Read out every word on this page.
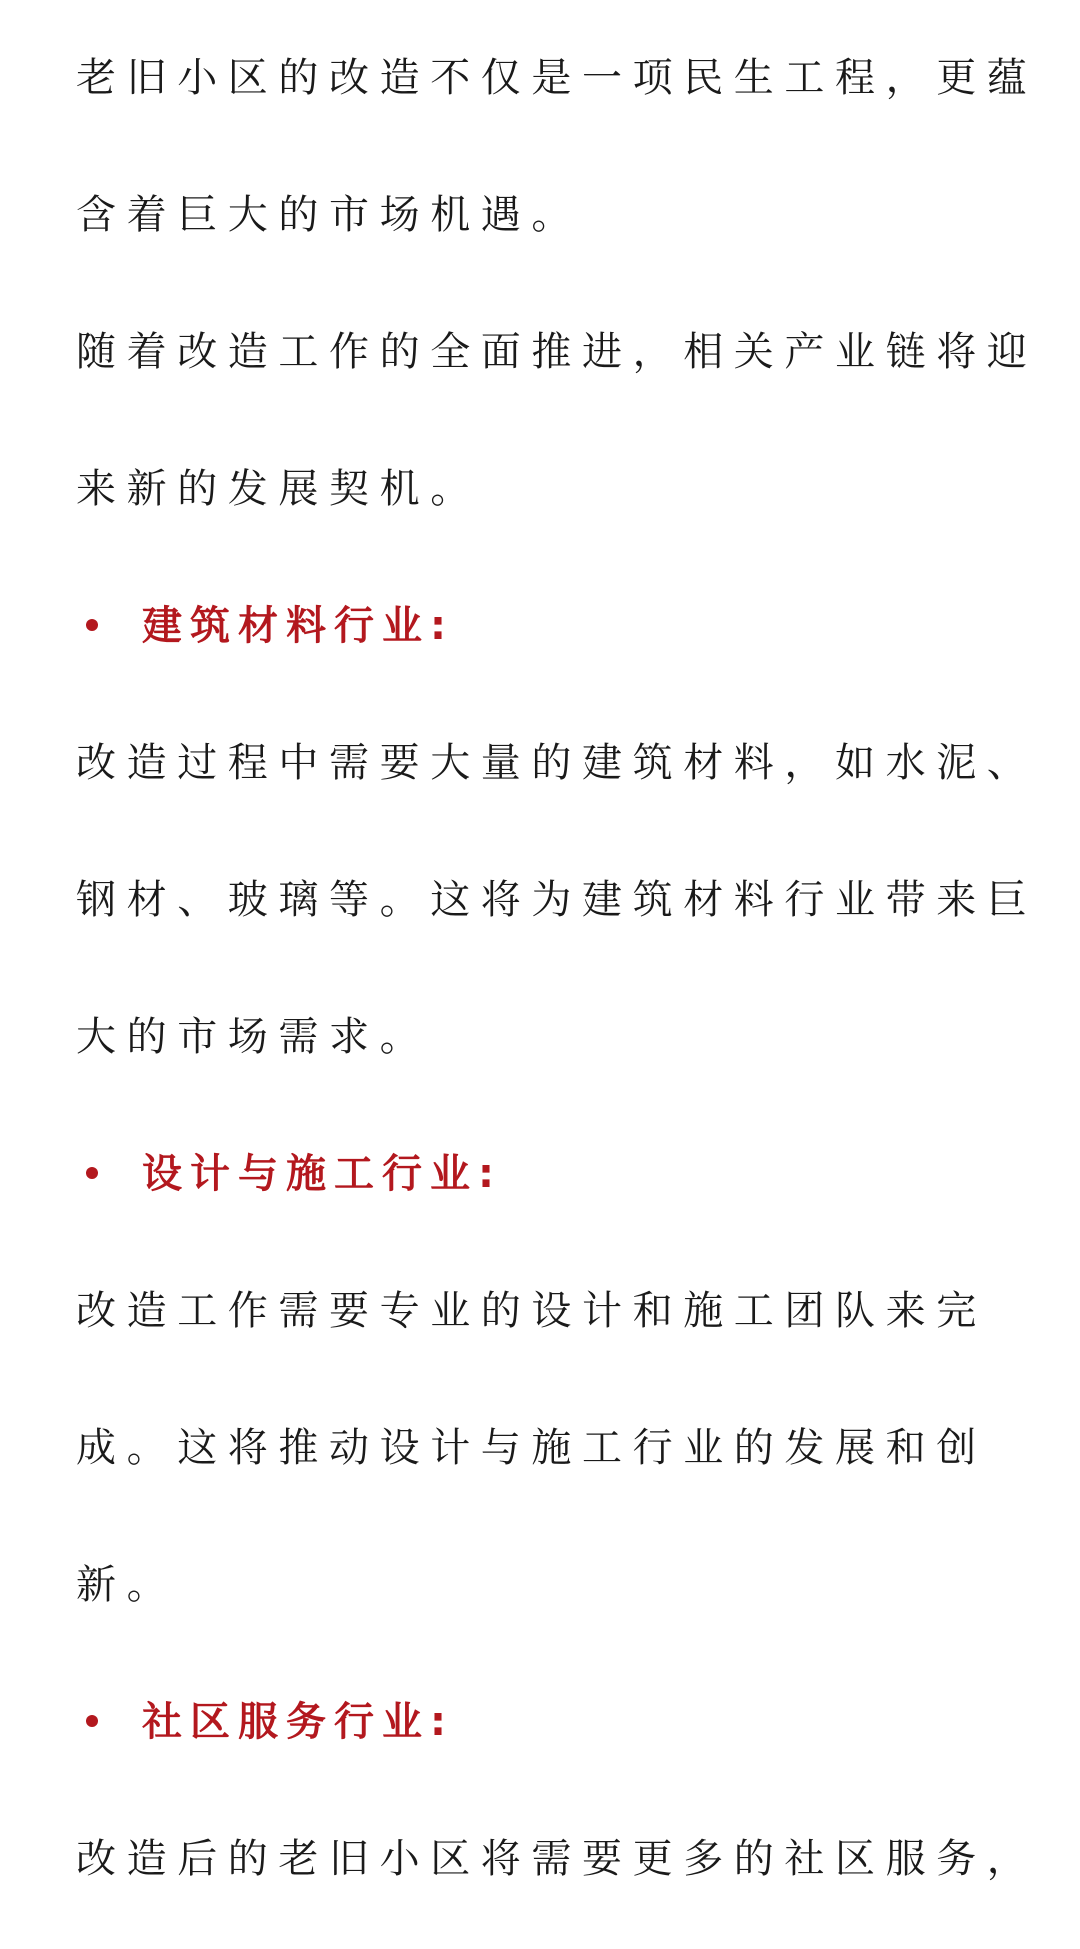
老旧小区的改造不仅是一项民生工程，更蕴
含着巨大的市场机遇。
随着改造工作的全面推进，相关产业链将迎
来新的发展契机。
建筑材料行业:
改造过程中需要大量的建筑材料，如水泥、
钢材、玻璃等。这将为建筑材料行业带来巨
大的市场需求。
设计与施工行业:
改造工作需要专业的设计和施工团队来完
成。这将推动设计与施工行业的发展和创
新。
社区服务行业:
改造后的老旧小区将需要更多的社区服务，
